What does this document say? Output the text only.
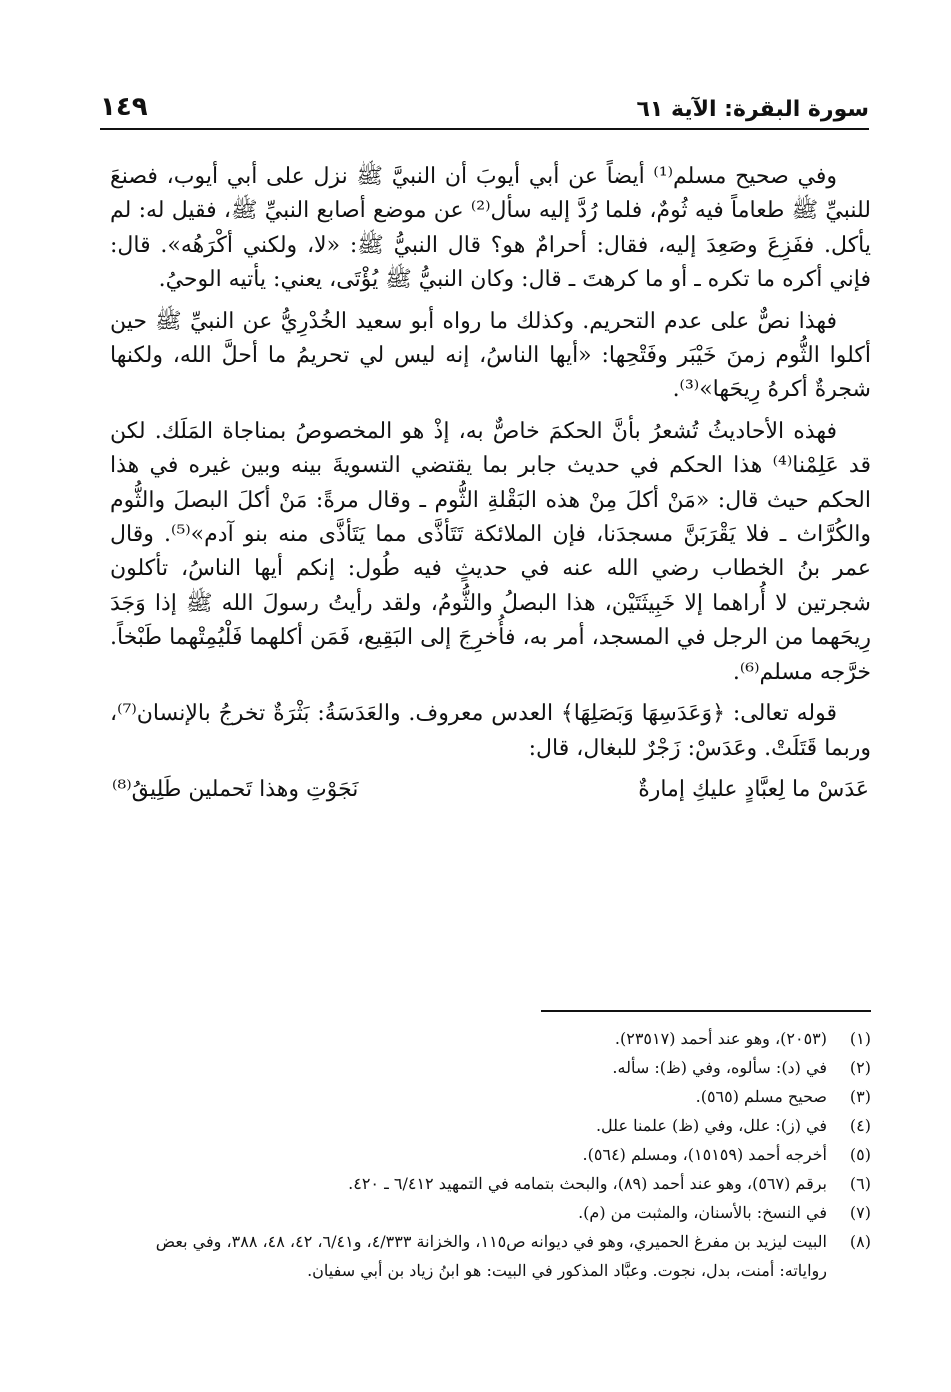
سورة البقرة: الآية ٦١
١٤٩

وفي صحيح مسلم⁽¹⁾ أيضاً عن أبي أيوبَ أن النبيَّ ﷺ نزل على أبي أيوب، فصنعَ للنبيِّ ﷺ طعاماً فيه ثُومٌ، فلما رُدَّ إليه سأل⁽²⁾ عن موضع أصابع النبيِّ ﷺ، فقيل له: لم يأكل. ففَزِعَ وصَعِدَ إليه، فقال: أحرامٌ هو؟ قال النبيُّ ﷺ: «لا، ولكني أكْرَهُه». قال: فإني أكره ما تكره ـ أو ما كرهتَ ـ قال: وكان النبيُّ ﷺ يُؤْتَى، يعني: يأتيه الوحيُ.

فهذا نصٌّ على عدم التحريم. وكذلك ما رواه أبو سعيد الخُدْرِيُّ عن النبيِّ ﷺ حين أكلوا الثُّوم زمنَ خَيْبَر وفَتْحِها: «أيها الناسُ، إنه ليس لي تحريمُ ما أحلَّ الله، ولكنها شجرةٌ أكرهُ رِيحَها»⁽³⁾.

فهذه الأحاديثُ تُشعرُ بأنَّ الحكمَ خاصٌّ به، إذْ هو المخصوصُ بمناجاة المَلَك. لكن قد عَلِمْنا⁽⁴⁾ هذا الحكم في حديث جابر بما يقتضي التسويةَ بينه وبين غيره في هذا الحكم حيث قال: «مَنْ أكلَ مِنْ هذه البَقْلةِ الثُّوم ـ وقال مرةً: مَنْ أكلَ البصلَ والثُّوم والكُرَّاث ـ فلا يَقْرَبَنَّ مسجدَنا، فإن الملائكة تَتَأذَّى مما يَتَأذَّى منه بنو آدم»⁽⁵⁾. وقال عمر بنُ الخطاب رضي الله عنه في حديثٍ فيه طُول: إنكم أيها الناسُ، تأكلون شجرتين لا أُراهما إلا خَبِيثَتَيْن، هذا البصلُ والثُّومُ، ولقد رأيتُ رسولَ الله ﷺ إذا وَجَدَ رِيحَهما من الرجل في المسجد، أمر به، فأُخرِجَ إلى البَقِيع، فَمَن أكلهما فَلْيُمِتْهما طَبْخاً. خرَّجه مسلم⁽⁶⁾.

قوله تعالى: ﴿وَعَدَسِهَا وَبَصَلِهَا﴾ العدس معروف. والعَدَسَةُ: بَثْرَةٌ تخرجُ بالإنسان⁽⁷⁾، وربما قَتَلَتْ. وعَدَسْ: زَجْرٌ للبغال، قال:

عَدَسْ ما لِعبَّادٍ عليكِ إمارةٌ
نَجَوْتِ وهذا تَحملين طَلِيقُ⁽⁸⁾
(١)
(٢٠٥٣)، وهو عند أحمد (٢٣٥١٧).
(٢)
في (د): سألوه، وفي (ظ): سأله.
(٣)
صحيح مسلم (٥٦٥).
(٤)
في (ز): علل، وفي (ظ) علمنا علل.
(٥)
أخرجه أحمد (١٥١٥٩)، ومسلم (٥٦٤).
(٦)
برقم (٥٦٧)، وهو عند أحمد (٨٩)، والبحث بتمامه في التمهيد ٦/٤١٢ ـ ٤٢٠.
(٧)
في النسخ: بالأسنان، والمثبت من (م).
(٨)
البيت ليزيد بن مفرغ الحميري، وهو في ديوانه ص١١٥، والخزانة ٤/٣٣٣، و٦/٤١، ٤٢، ٤٨، ٣٨٨، وفي بعض رواياته: أمنت، بدل، نجوت. وعبَّاد المذكور في البيت: هو ابنُ زياد بن أبي سفيان.
